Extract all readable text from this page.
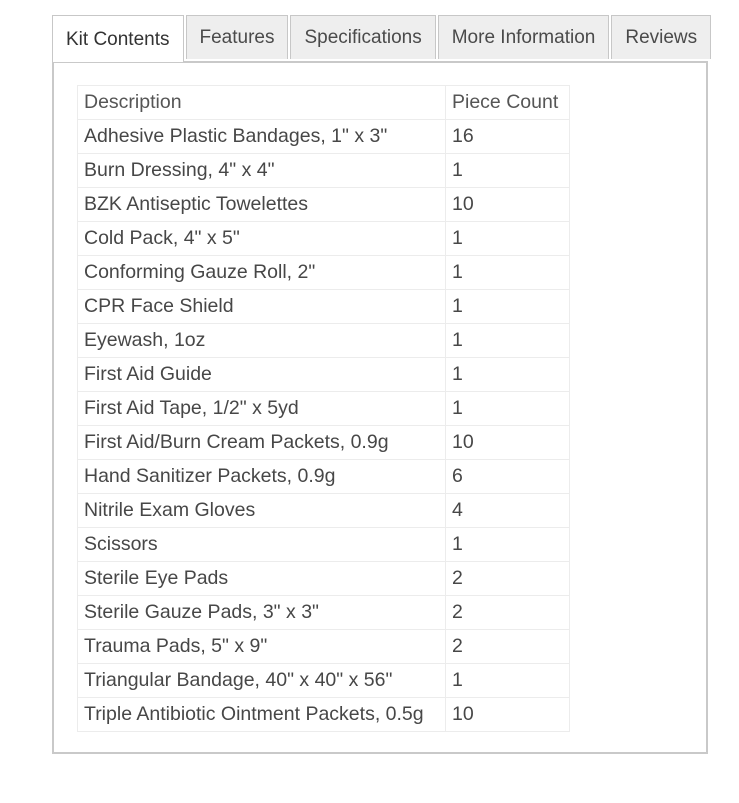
Kit Contents	Features	Specifications	More Information	Reviews
Description	Piece Count
Adhesive Plastic Bandages, 1" x 3"	16
Burn Dressing, 4" x 4"	1
BZK Antiseptic Towelettes	10
Cold Pack, 4" x 5"	1
Conforming Gauze Roll, 2"	1
CPR Face Shield	1
Eyewash, 1oz	1
First Aid Guide	1
First Aid Tape, 1/2" x 5yd	1
First Aid/Burn Cream Packets, 0.9g	10
Hand Sanitizer Packets, 0.9g	6
Nitrile Exam Gloves	4
Scissors	1
Sterile Eye Pads	2
Sterile Gauze Pads, 3" x 3"	2
Trauma Pads, 5" x 9"	2
Triangular Bandage, 40" x 40" x 56"	1
Triple Antibiotic Ointment Packets, 0.5g	10
